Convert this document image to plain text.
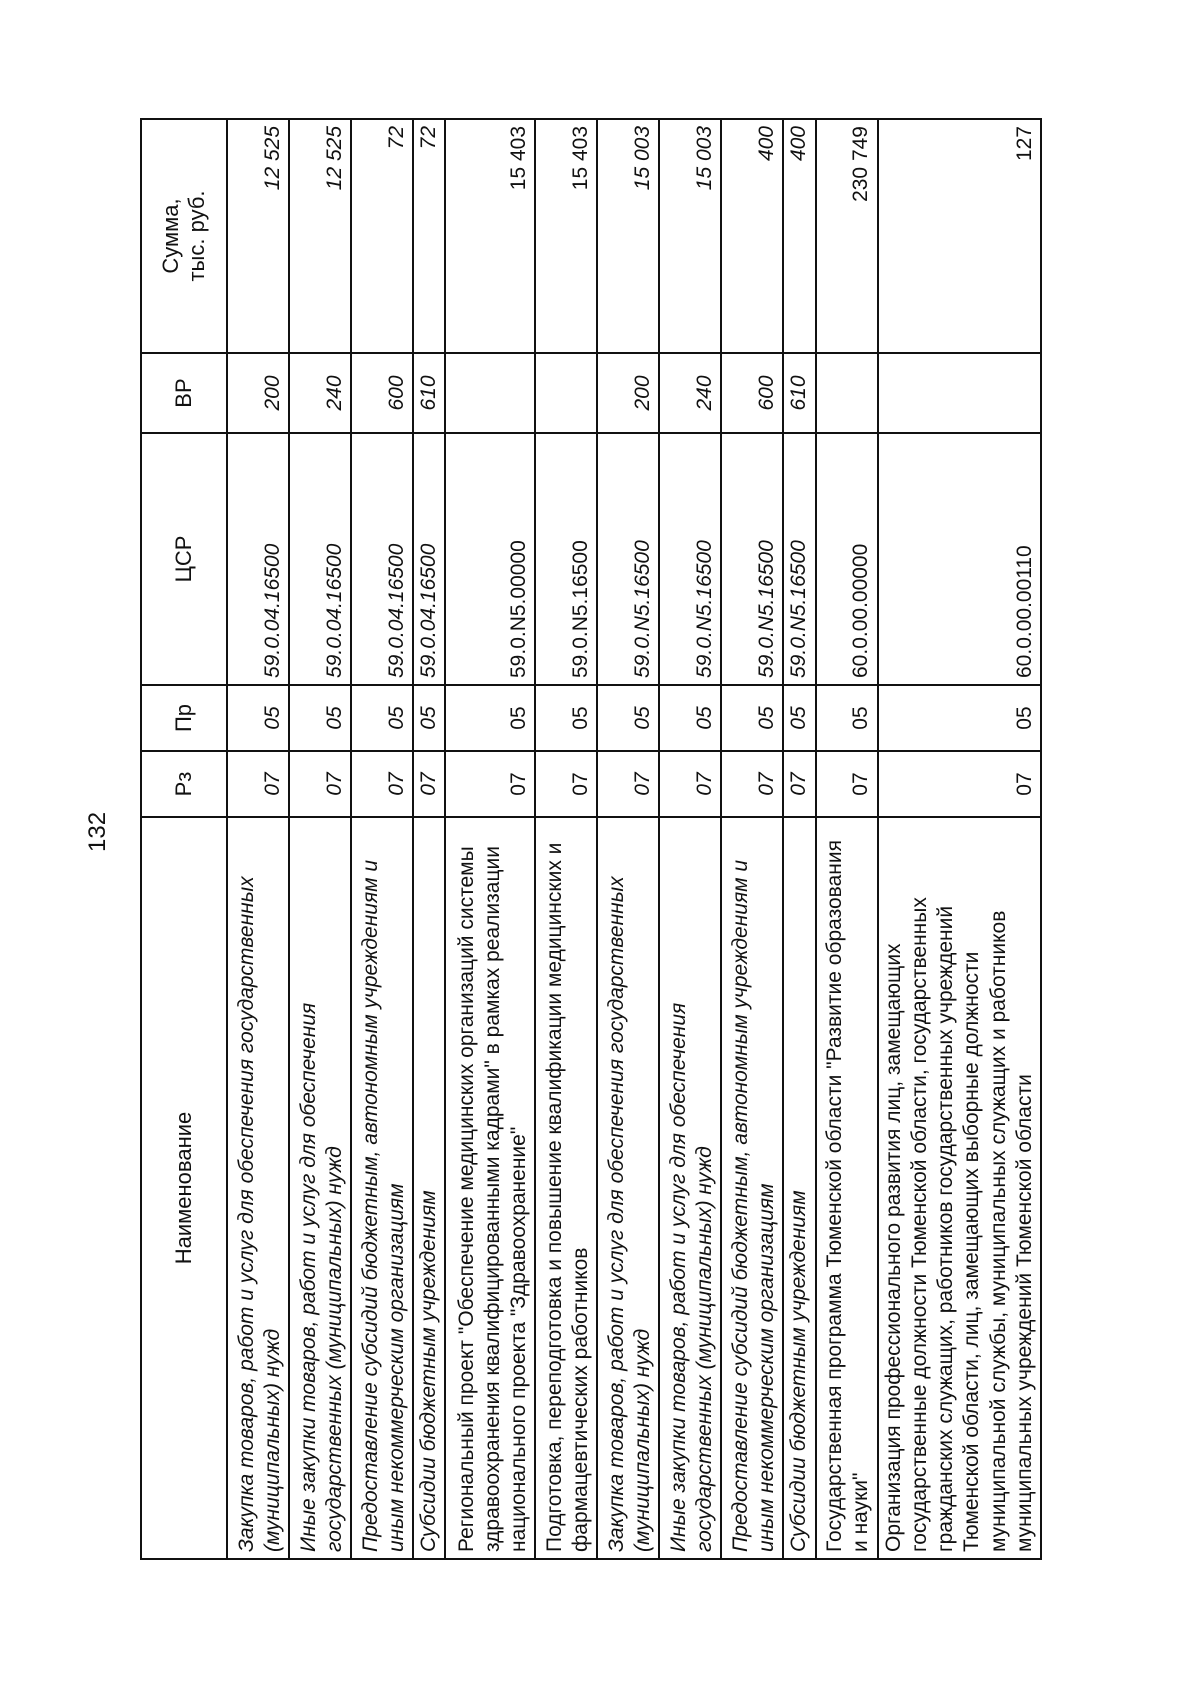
132
Наименование	Рз	Пр	ЦСР	ВР	Сумма, тыс. руб.

Закупка товаров, работ и услуг для обеспечения государственных (муниципальных) нужд	07	05	59.0.04.16500	200	12 525
Иные закупки товаров, работ и услуг для обеспечения государственных (муниципальных) нужд	07	05	59.0.04.16500	240	12 525
Предоставление субсидий бюджетным, автономным учреждениям и иным некоммерческим организациям	07	05	59.0.04.16500	600	72
Субсидии бюджетным учреждениям	07	05	59.0.04.16500	610	72
Региональный проект "Обеспечение медицинских организаций системы здравоохранения квалифицированными кадрами" в рамках реализации национального проекта "Здравоохранение"	07	05	59.0.N5.00000		15 403
Подготовка, переподготовка и повышение квалификации медицинских и фармацевтических работников	07	05	59.0.N5.16500		15 403
Закупка товаров, работ и услуг для обеспечения государственных (муниципальных) нужд	07	05	59.0.N5.16500	200	15 003
Иные закупки товаров, работ и услуг для обеспечения государственных (муниципальных) нужд	07	05	59.0.N5.16500	240	15 003
Предоставление субсидий бюджетным, автономным учреждениям и иным некоммерческим организациям	07	05	59.0.N5.16500	600	400
Субсидии бюджетным учреждениям	07	05	59.0.N5.16500	610	400
Государственная программа Тюменской области "Развитие образования и науки"	07	05	60.0.00.00000		230 749
Организация профессионального развития лиц, замещающих государственные должности Тюменской области, государственных гражданских служащих, работников государственных учреждений Тюменской области, лиц, замещающих выборные должности муниципальной службы, муниципальных служащих и работников муниципальных учреждений Тюменской области	07	05	60.0.00.00110		127
